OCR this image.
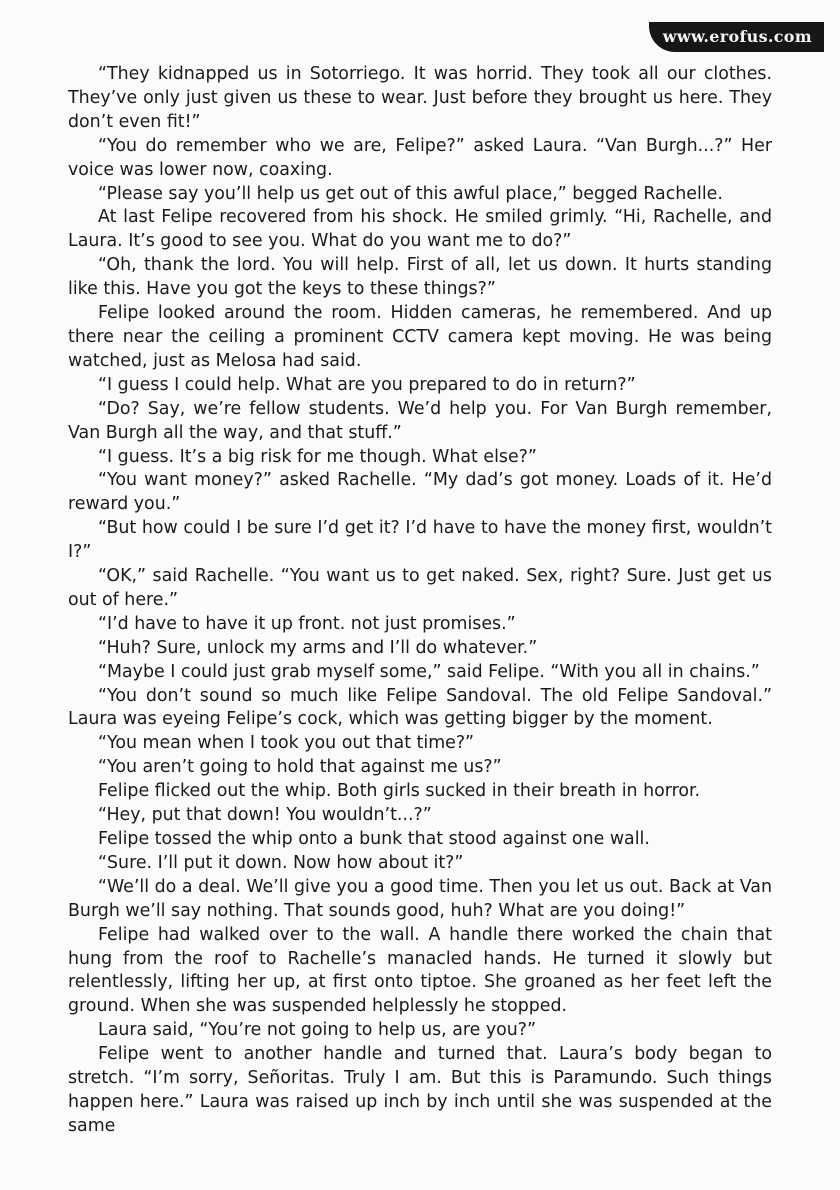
www.erofus.com

“They kidnapped us in Sotorriego. It was horrid. They took all our clothes. They’ve only just given us these to wear. Just before they brought us here. They don’t even fit!”

“You do remember who we are, Felipe?” asked Laura. “Van Burgh...?” Her voice was lower now, coaxing.

“Please say you’ll help us get out of this awful place,” begged Rachelle.

At last Felipe recovered from his shock. He smiled grimly. “Hi, Rachelle, and Laura. It’s good to see you. What do you want me to do?”

“Oh, thank the lord. You will help. First of all, let us down. It hurts standing like this. Have you got the keys to these things?”

Felipe looked around the room. Hidden cameras, he remembered. And up there near the ceiling a prominent CCTV camera kept moving. He was being watched, just as Melosa had said.

“I guess I could help. What are you prepared to do in return?”

“Do? Say, we’re fellow students. We’d help you. For Van Burgh remember, Van Burgh all the way, and that stuff.”

“I guess. It’s a big risk for me though. What else?”

“You want money?” asked Rachelle. “My dad’s got money. Loads of it. He’d reward you.”

“But how could I be sure I’d get it? I’d have to have the money first, wouldn’t I?”

“OK,” said Rachelle. “You want us to get naked. Sex, right? Sure. Just get us out of here.”

“I’d have to have it up front. not just promises.”

“Huh? Sure, unlock my arms and I’ll do whatever.”

“Maybe I could just grab myself some,” said Felipe. “With you all in chains.”

“You don’t sound so much like Felipe Sandoval. The old Felipe Sandoval.” Laura was eyeing Felipe’s cock, which was getting bigger by the moment.

“You mean when I took you out that time?”

“You aren’t going to hold that against me us?”

Felipe flicked out the whip. Both girls sucked in their breath in horror.

“Hey, put that down! You wouldn’t...?”

Felipe tossed the whip onto a bunk that stood against one wall.

“Sure. I’ll put it down. Now how about it?”

“We’ll do a deal. We’ll give you a good time. Then you let us out. Back at Van Burgh we’ll say nothing. That sounds good, huh? What are you doing!”

Felipe had walked over to the wall. A handle there worked the chain that hung from the roof to Rachelle’s manacled hands. He turned it slowly but relentlessly, lifting her up, at first onto tiptoe. She groaned as her feet left the ground. When she was suspended helplessly he stopped.

Laura said, “You’re not going to help us, are you?”

Felipe went to another handle and turned that. Laura’s body began to stretch. “I’m sorry, Señoritas. Truly I am. But this is Paramundo. Such things happen here.” Laura was raised up inch by inch until she was suspended at the same
